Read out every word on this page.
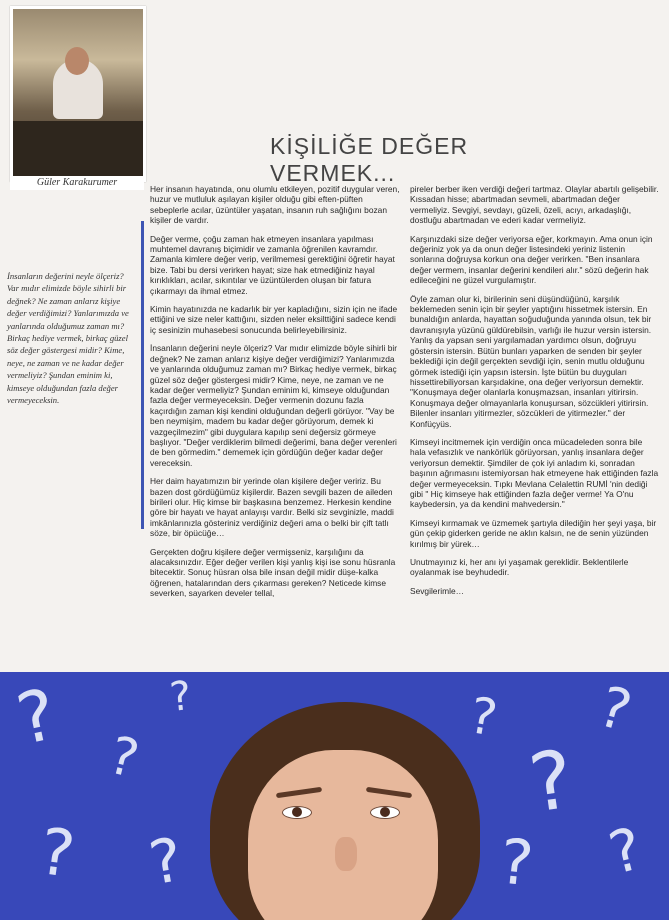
Güler Karakurumer
KİŞİLİĞE DEĞER VERMEK...
İnsanların değerini neyle ölçeriz? Var mıdır elimizde böyle sihirli bir değnek? Ne zaman anlarız kişiye değer verdiğimizi? Yanlarımızda ve yanlarında olduğumuz zaman mı? Birkaç hediye vermek, birkaç güzel söz değer göstergesi midir? Kime, neye, ne zaman ve ne kadar değer vermeliyiz? Şundan eminim ki, kimseye olduğundan fazla değer vermeyeceksin.

Her insanın hayatında, onu olumlu etkileyen, pozitif duygular veren, huzur ve mutluluk aşılayan kişiler olduğu gibi eften-püften sebeplerle acılar, üzüntüler yaşatan, insanın ruh sağlığını bozan kişiler de vardır.

Değer verme, çoğu zaman hak etmeyen insanlara yapılması muhtemel davranış biçimidir ve zamanla öğrenilen kavramdır. Zamanla kimlere değer verip, verilmemesi gerektiğini öğretir hayat bize. Tabi bu dersi verirken hayat; size hak etmediğiniz hayal kırıklıkları, acılar, sıkıntılar ve üzüntülerden oluşan bir fatura çıkarmayı da ihmal etmez.

Kimin hayatınızda ne kadarlık bir yer kapladığını, sizin için ne ifade ettiğini ve size neler kattığını, sizden neler eksilttiğini sadece kendi iç sesinizin muhasebesi sonucunda belirleyebilirsiniz.

İnsanların değerini neyle ölçeriz? Var mıdır elimizde böyle sihirli bir değnek? Ne zaman anlarız kişiye değer verdiğimizi? Yanlarımızda ve yanlarında olduğumuz zaman mı? Birkaç hediye vermek, birkaç güzel söz değer göstergesi midir? Kime, neye, ne zaman ve ne kadar değer vermeliyiz? Şundan eminim ki, kimseye olduğundan fazla değer vermeyeceksin. Değer vermenin dozunu fazla kaçırdığın zaman kişi kendini olduğundan değerli görüyor. "Vay be ben neymişim, madem bu kadar değer görüyorum, demek ki vazgeçilmezim" gibi duygulara kapılıp seni değersiz görmeye başlıyor. "Değer verdiklerim bilmedi değerimi, bana değer verenleri de ben görmedim." dememek için gördüğün değer kadar değer vereceksin.

Her daim hayatımızın bir yerinde olan kişilere değer veririz. Bu bazen dost gördüğümüz kişilerdir. Bazen sevgili bazen de aileden birileri olur. Hiç kimse bir başkasına benzemez. Herkesin kendine göre bir hayatı ve hayat anlayışı vardır. Belki siz sevginizle, maddi imkânlarınızla gösteriniz verdiğiniz değeri ama o belki bir çift tatlı söze, bir öpücüğe…

Gerçekten doğru kişilere değer vermişseniz, karşılığını da alacaksınızdır. Eğer değer verilen kişi yanlış kişi ise sonu hüsranla bitecektir. Sonuç hüsran olsa bile insan değil midir düşe-kalka öğrenen, hatalarından ders çıkarması gereken? Neticede kimse severken, sayarken develer tellal,

pireler berber iken verdiği değeri tartmaz. Olaylar abartılı gelişebilir. Kıssadan hisse; abartmadan sevmeli, abartmadan değer vermeliyiz. Sevgiyi, sevdayı, güzeli, özeli, acıyı, arkadaşlığı, dostluğu abartmadan ve ederi kadar vermeliyiz.

Karşınızdaki size değer veriyorsa eğer, korkmayın. Ama onun için değeriniz yok ya da onun değer listesindeki yeriniz listenin sonlarına doğruysa korkun ona değer verirken. "Ben insanlara değer vermem, insanlar değerini kendileri alır." sözü değerin hak edileceğini ne güzel vurgulamıştır.

Öyle zaman olur ki, birilerinin seni düşündüğünü, karşılık beklemeden senin için bir şeyler yaptığını hissetmek istersin. En bunaldığın anlarda, hayattan soğuduğunda yanında olsun, tek bir davranışıyla yüzünü güldürebilsin, varlığı ile huzur versin istersin. Yanlış da yapsan seni yargılamadan yardımcı olsun, doğruyu göstersin istersin. Bütün bunları yaparken de senden bir şeyler beklediği için değil gerçekten sevdiği için, senin mutlu olduğunu görmek istediği için yapsın istersin. İşte bütün bu duyguları hissettirebiliyorsan karşıdakine, ona değer veriyorsun demektir. "Konuşmaya değer olanlarla konuşmazsan, insanları yitirirsin. Konuşmaya değer olmayanlarla konuşursan, sözcükleri yitirirsin. Bilenler insanları yitirmezler, sözcükleri de yitirmezler." der Konfüçyüs.

Kimseyi incitmemek için verdiğin onca mücadeleden sonra bile hala vefasızlık ve nankörlük görüyorsan, yanlış insanlara değer veriyorsun demektir. Şimdiler de çok iyi anladım ki, sonradan başının ağrımasını istemiyorsan hak etmeyene hak ettiğinden fazla değer vermeyeceksin. Tıpkı Mevlana Celalettin RUMİ 'nin dediği gibi " Hiç kimseye hak ettiğinden fazla değer verme! Ya O'nu kaybedersin, ya da kendini mahvedersin."

Kimseyi kırmamak ve üzmemek şartıyla dilediğin her şeyi yaşa, bir gün çekip giderken geride ne aklın kalsın, ne de senin yüzünden kırılmış bir yürek…

Unutmayınız ki, her anı iyi yaşamak gereklidir. Beklentilerle oyalanmak ise beyhudedir.

Sevgilerimle…

?
?
?
?
?
?
?
?
? ?
